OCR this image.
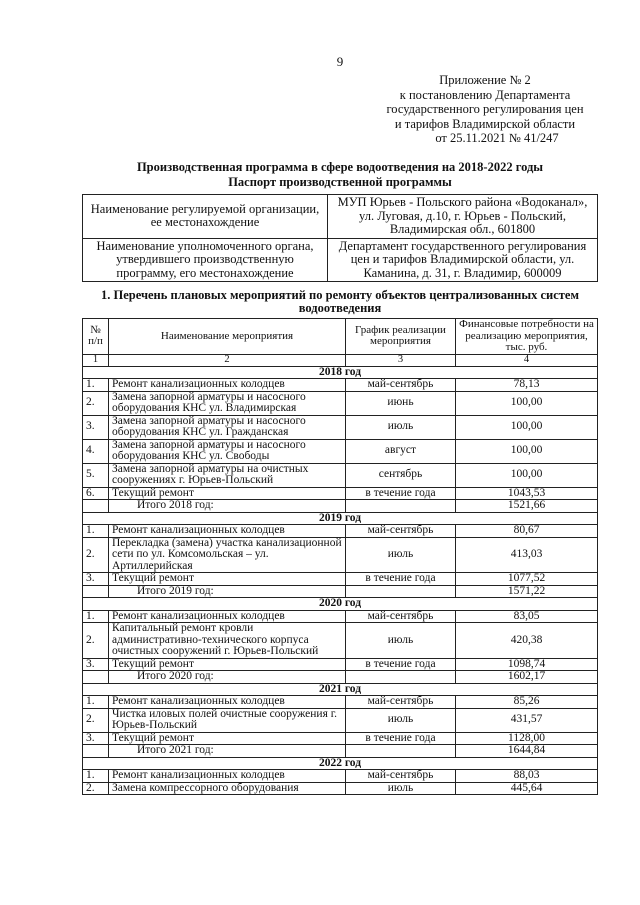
9
Приложение № 2
к постановлению Департамента
государственного регулирования цен
и тарифов Владимирской области
от 25.11.2021 № 41/247
Производственная программа в сфере водоотведения на 2018-2022 годы
Паспорт производственной программы
Наименование регулируемой организации, ее местонахождение	МУП Юрьев - Польского района «Водоканал», ул. Луговая, д.10, г. Юрьев - Польский, Владимирская обл., 601800
Наименование уполномоченного органа, утвердившего производственную программу, его местонахождение	Департамент государственного регулирования цен и тарифов Владимирской области, ул. Каманина, д. 31, г. Владимир, 600009
1. Перечень плановых мероприятий по ремонту объектов централизованных систем водоотведения
№ п/п	Наименование мероприятия	График реализации мероприятия	Финансовые потребности на реализацию мероприятия, тыс. руб.
1	2	3	4
2018 год			
1.	Ремонт канализационных колодцев	май-сентябрь	78,13
2.	Замена запорной арматуры и насосного оборудования КНС ул. Владимирская	июнь	100,00
3.	Замена запорной арматуры и насосного оборудования КНС ул. Гражданская	июль	100,00
4.	Замена запорной арматуры и насосного оборудования КНС ул. Свободы	август	100,00
5.	Замена запорной арматуры на очистных сооружениях г. Юрьев-Польский	сентябрь	100,00
6.	Текущий ремонт	в течение года	1043,53
	Итого 2018 год:		1521,66
2019 год			
1.	Ремонт канализационных колодцев	май-сентябрь	80,67
2.	Перекладка (замена) участка канализационной сети по ул. Комсомольская – ул. Артиллерийская	июль	413,03
3.	Текущий ремонт	в течение года	1077,52
	Итого 2019 год:		1571,22
2020 год			
1.	Ремонт канализационных колодцев	май-сентябрь	83,05
2.	Капитальный ремонт кровли административно-технического корпуса очистных сооружений г. Юрьев-Польский	июль	420,38
3.	Текущий ремонт	в течение года	1098,74
	Итого 2020 год:		1602,17
2021 год			
1.	Ремонт канализационных колодцев	май-сентябрь	85,26
2.	Чистка иловых полей очистные сооружения г. Юрьев-Польский	июль	431,57
3.	Текущий ремонт	в течение года	1128,00
	Итого 2021 год:		1644,84
2022 год			
1.	Ремонт канализационных колодцев	май-сентябрь	88,03
2.	Замена компрессорного оборудования	июль	445,64
